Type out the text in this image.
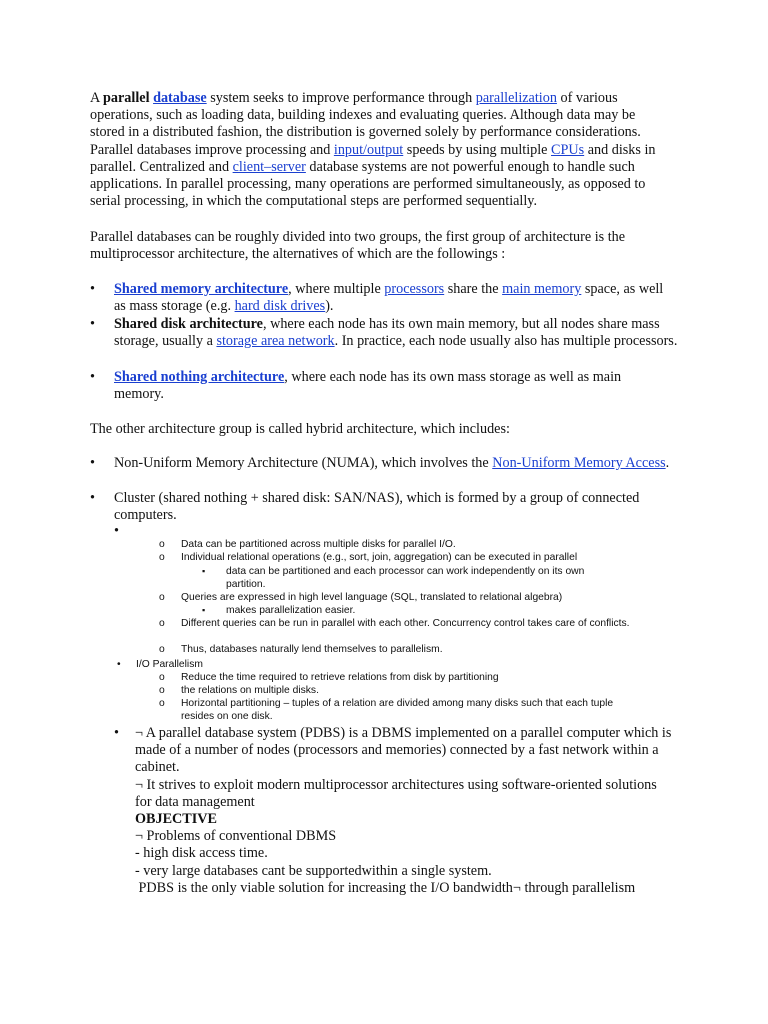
A parallel database system seeks to improve performance through parallelization of various operations, such as loading data, building indexes and evaluating queries. Although data may be stored in a distributed fashion, the distribution is governed solely by performance considerations. Parallel databases improve processing and input/output speeds by using multiple CPUs and disks in parallel. Centralized and client–server database systems are not powerful enough to handle such applications. In parallel processing, many operations are performed simultaneously, as opposed to serial processing, in which the computational steps are performed sequentially.

Parallel databases can be roughly divided into two groups, the first group of architecture is the multiprocessor architecture, the alternatives of which are the followings :

• Shared memory architecture, where multiple processors share the main memory space, as well as mass storage (e.g. hard disk drives).

• Shared disk architecture, where each node has its own main memory, but all nodes share mass storage, usually a storage area network. In practice, each node usually also has multiple processors.

• Shared nothing architecture, where each node has its own mass storage as well as main memory.

The other architecture group is called hybrid architecture, which includes:

• Non-Uniform Memory Architecture (NUMA), which involves the Non-Uniform Memory Access.

• Cluster (shared nothing + shared disk: SAN/NAS), which is formed by a group of connected computers.

•
o Data can be partitioned across multiple disks for parallel I/O.

o Individual relational operations (e.g., sort, join, aggregation) can be executed in parallel

▪ data can be partitioned and each processor can work independently on its own partition.

o Queries are expressed in high level language (SQL, translated to relational algebra)

▪ makes parallelization easier.

o Different queries can be run in parallel with each other. Concurrency control takes care of conflicts.

o Thus, databases naturally lend themselves to parallelism.

• I/O Parallelism

o Reduce the time required to retrieve relations from disk by partitioning

o the relations on multiple disks.

o Horizontal partitioning – tuples of a relation are divided among many disks such that each tuple resides on one disk.

• ¬ A parallel database system (PDBS) is a DBMS implemented on a parallel computer which is made of a number of nodes (processors and memories) connected by a fast network within a cabinet.
¬ It strives to exploit modern multiprocessor architectures using software-oriented solutions for data management
OBJECTIVE
¬ Problems of conventional DBMS
- high disk access time.
- very large databases cant be supportedwithin a single system.
PDBS is the only viable solution for increasing the I/O bandwidth¬ through parallelism
